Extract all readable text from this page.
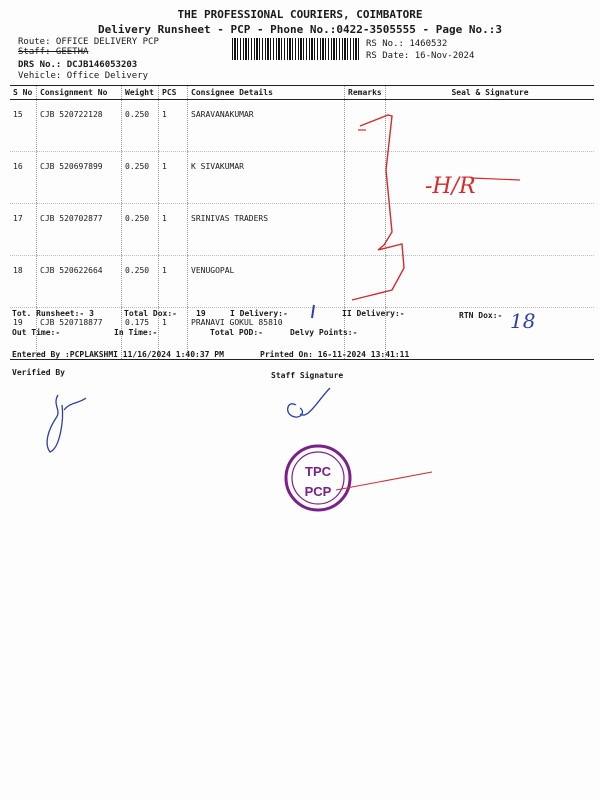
THE PROFESSIONAL COURIERS, COIMBATORE
Delivery Runsheet - PCP - Phone No.:0422-3505555 - Page No.:3
Route: OFFICE DELIVERY PCP
Staff: GEETHA
DRS No.: DCJB146053203
Vehicle: Office Delivery
RS No.: 1460532
RS Date: 16-Nov-2024
S No	Consignment No	Weight	PCS	Consignee Details	Remarks	Seal & Signature
15	CJB 520722128	0.250	1	SARAVANAKUMAR		
16	CJB 520697899	0.250	1	K SIVAKUMAR		
17	CJB 520702877	0.250	1	SRINIVAS TRADERS		
18	CJB 520622664	0.250	1	VENUGOPAL		
19	CJB 520718877	0.175	1	PRANAVI GOKUL 85810		
Tot. Runsheet:- 3	Total Dox:- 19	I Delivery:-	II Delivery:-	RTN Dox:-
Out Time:-	In Time:-	Total POD:-	Delvy Points:-
Entered By :PCPLAKSHMI 11/16/2024 1:40:37 PM	Printed On: 16-11-2024 13:41:11
Verified By	Staff Signature
-H/R
18
TPC
PCP
